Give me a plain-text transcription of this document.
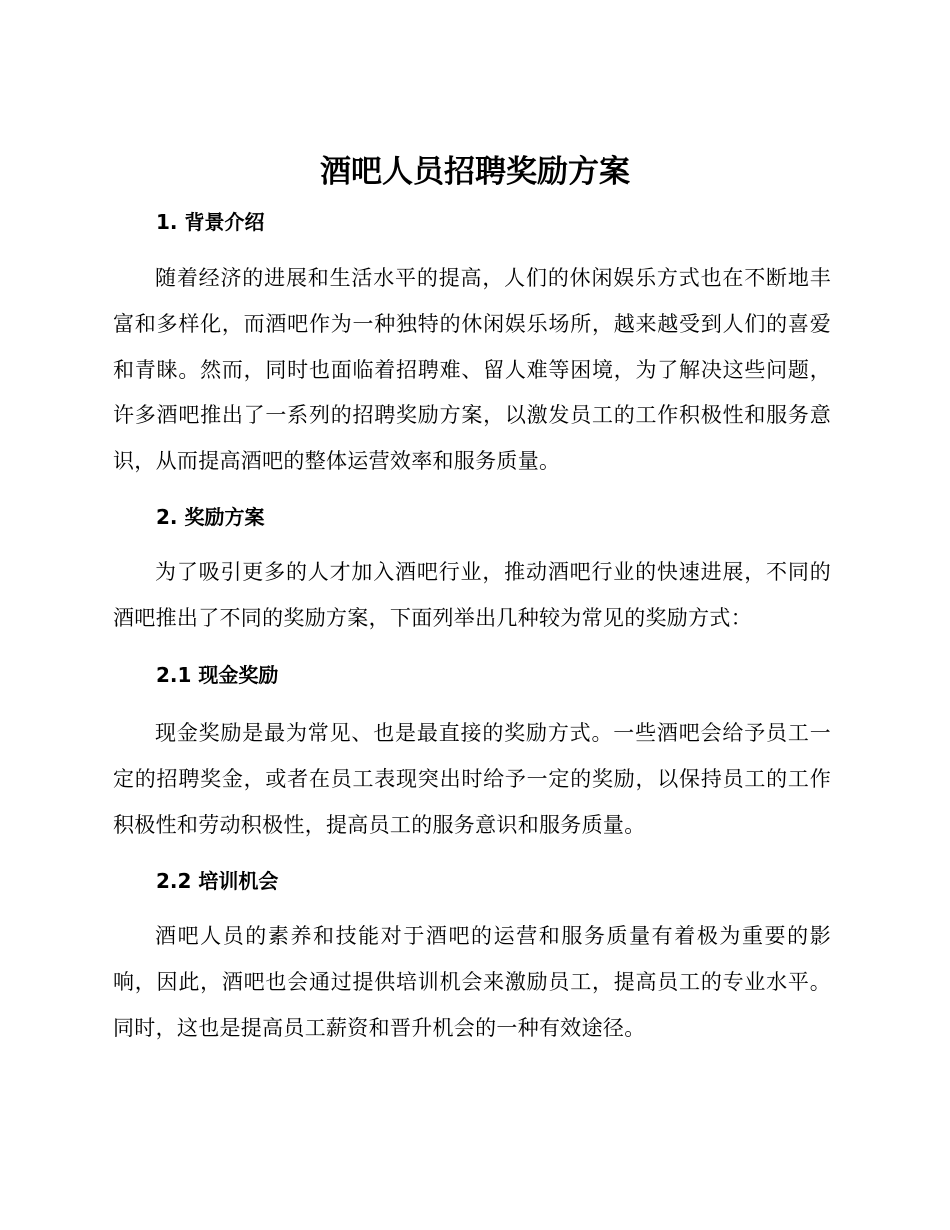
酒吧人员招聘奖励方案
1. 背景介绍

随着经济的进展和生活水平的提高，人们的休闲娱乐方式也在不断地丰富和多样化，而酒吧作为一种独特的休闲娱乐场所，越来越受到人们的喜爱和青睐。然而，同时也面临着招聘难、留人难等困境，为了解决这些问题，许多酒吧推出了一系列的招聘奖励方案，以激发员工的工作积极性和服务意识，从而提高酒吧的整体运营效率和服务质量。

2. 奖励方案

为了吸引更多的人才加入酒吧行业，推动酒吧行业的快速进展，不同的酒吧推出了不同的奖励方案，下面列举出几种较为常见的奖励方式：

2.1 现金奖励

现金奖励是最为常见、也是最直接的奖励方式。一些酒吧会给予员工一定的招聘奖金，或者在员工表现突出时给予一定的奖励，以保持员工的工作积极性和劳动积极性，提高员工的服务意识和服务质量。

2.2 培训机会

酒吧人员的素养和技能对于酒吧的运营和服务质量有着极为重要的影响，因此，酒吧也会通过提供培训机会来激励员工，提高员工的专业水平。同时，这也是提高员工薪资和晋升机会的一种有效途径。
